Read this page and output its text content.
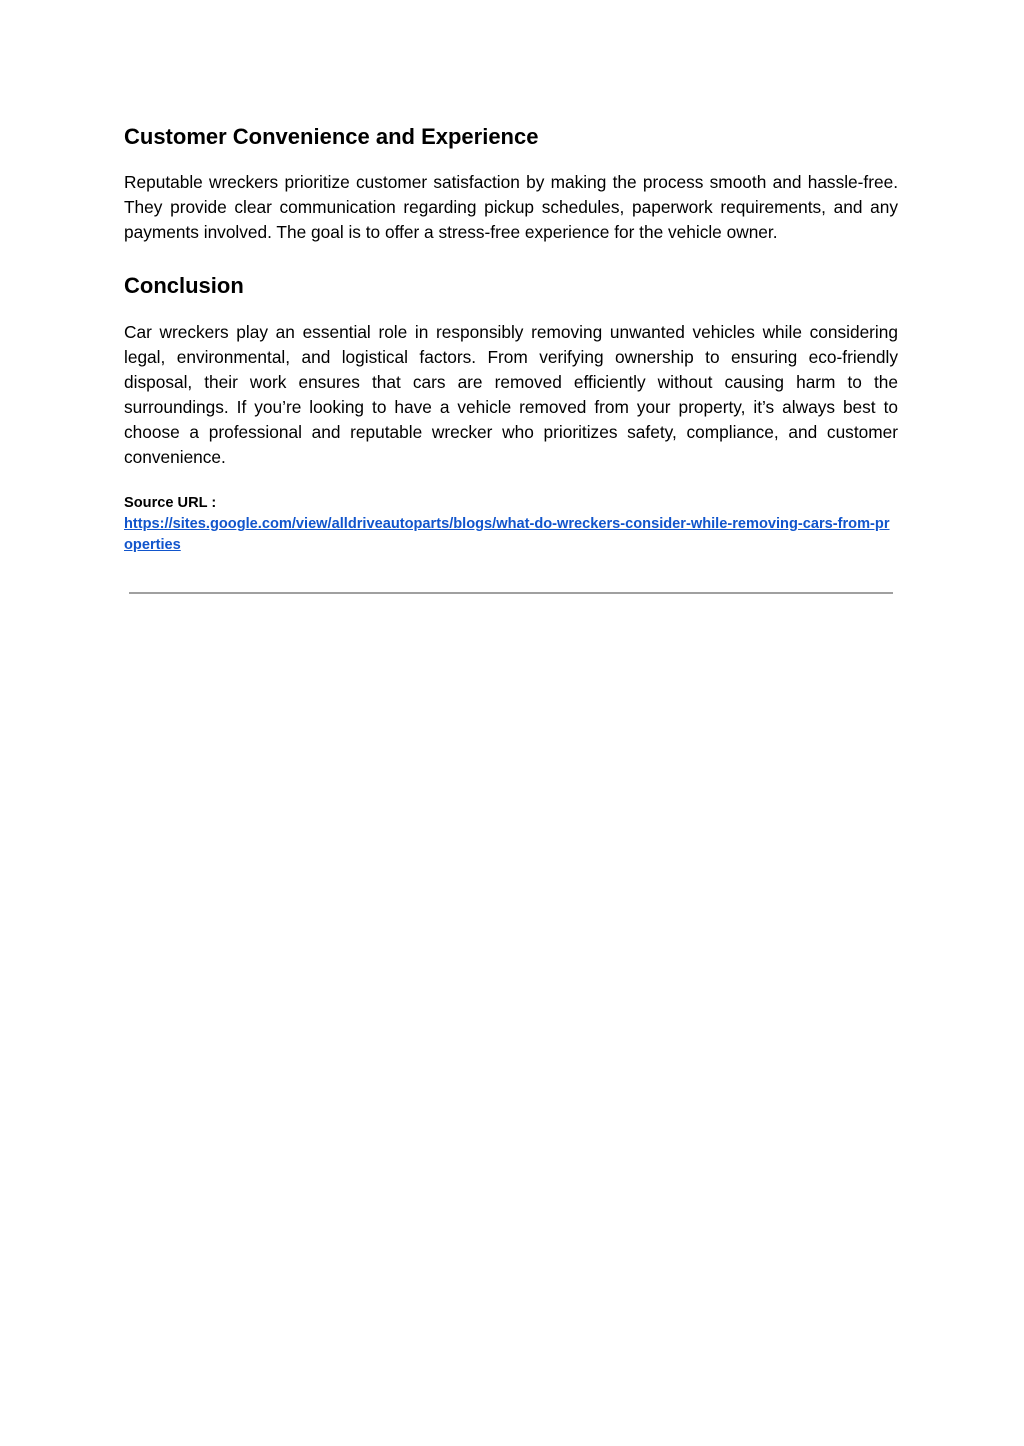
Customer Convenience and Experience

Reputable wreckers prioritize customer satisfaction by making the process smooth and hassle-free. They provide clear communication regarding pickup schedules, paperwork requirements, and any payments involved. The goal is to offer a stress-free experience for the vehicle owner.

Conclusion

Car wreckers play an essential role in responsibly removing unwanted vehicles while considering legal, environmental, and logistical factors. From verifying ownership to ensuring eco-friendly disposal, their work ensures that cars are removed efficiently without causing harm to the surroundings. If you’re looking to have a vehicle removed from your property, it’s always best to choose a professional and reputable wrecker who prioritizes safety, compliance, and customer convenience.

Source URL :
https://sites.google.com/view/alldriveautoparts/blogs/what-do-wreckers-consider-while-removing-cars-from-properties
